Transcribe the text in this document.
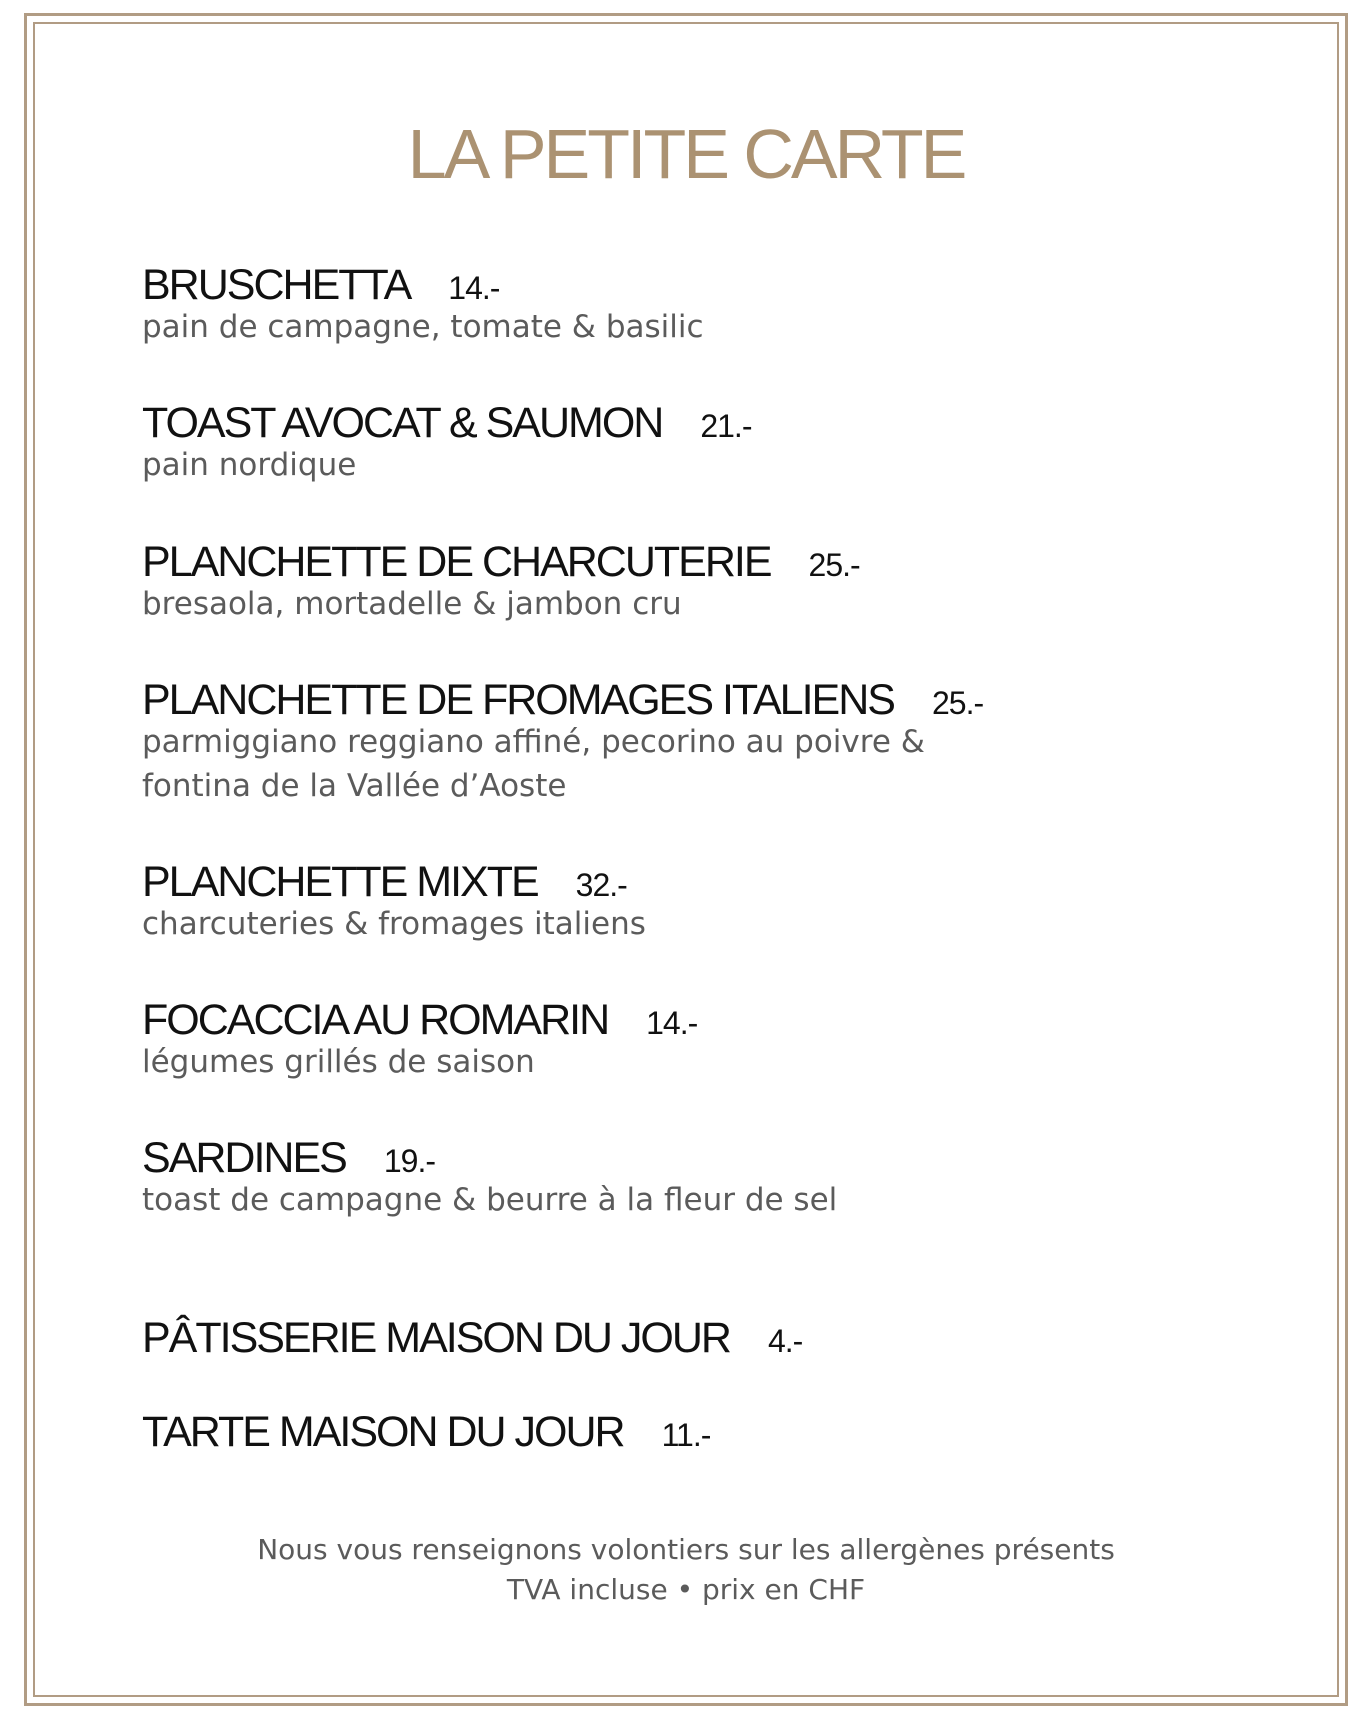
LA PETITE CARTE
BRUSCHETTA 14.-
pain de campagne, tomate & basilic
TOAST AVOCAT & SAUMON 21.-
pain nordique
PLANCHETTE DE CHARCUTERIE 25.-
bresaola, mortadelle & jambon cru
PLANCHETTE DE FROMAGES ITALIENS 25.-
parmiggiano reggiano affiné, pecorino au poivre &
fontina de la Vallée d’Aoste
PLANCHETTE MIXTE 32.-
charcuteries & fromages italiens
FOCACCIA AU ROMARIN 14.-
légumes grillés de saison
SARDINES 19.-
toast de campagne & beurre à la fleur de sel
PÂTISSERIE MAISON DU JOUR 4.-
TARTE MAISON DU JOUR 11.-
Nous vous renseignons volontiers sur les allergènes présents
TVA incluse • prix en CHF
